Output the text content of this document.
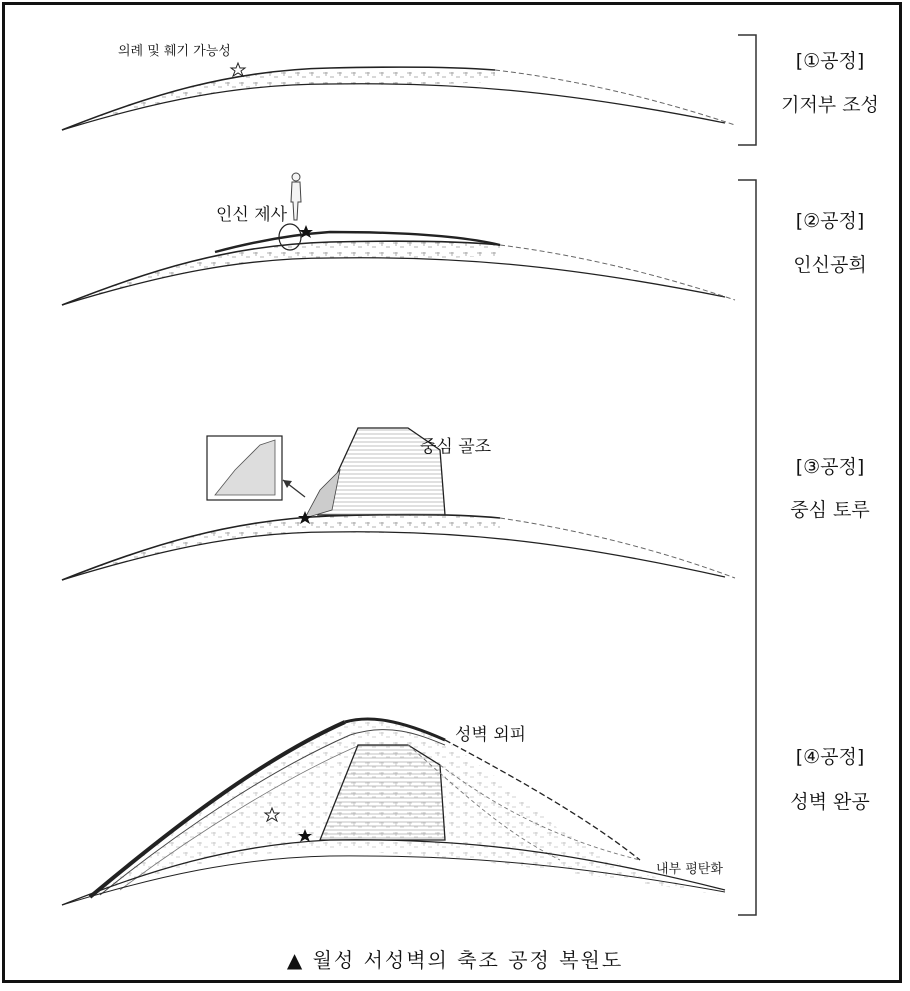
[①공정]
기저부 조성
[②공정]
인신공희
[③공정]
중심 토루
[④공정]
성벽 완공
의례 및 훼기 가능성
인신 제사
중심 골조
성벽 외피
내부 평탄화
▲ 월성 서성벽의 축조 공정 복원도
